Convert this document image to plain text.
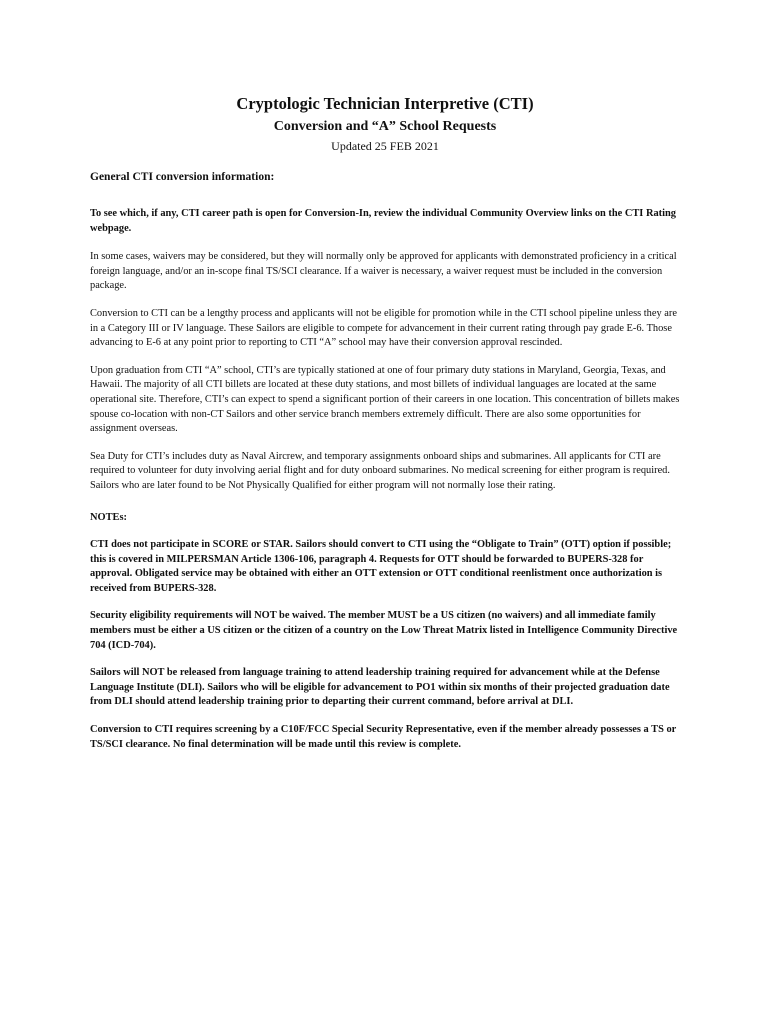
Cryptologic Technician Interpretive (CTI)

Conversion and “A” School Requests

Updated 25 FEB 2021

General CTI conversion information:

To see which, if any, CTI career path is open for Conversion-In, review the individual Community Overview links on the CTI Rating webpage.

In some cases, waivers may be considered, but they will normally only be approved for applicants with demonstrated proficiency in a critical foreign language, and/or an in-scope final TS/SCI clearance. If a waiver is necessary, a waiver request must be included in the conversion package.

Conversion to CTI can be a lengthy process and applicants will not be eligible for promotion while in the CTI school pipeline unless they are in a Category III or IV language. These Sailors are eligible to compete for advancement in their current rating through pay grade E-6. Those advancing to E-6 at any point prior to reporting to CTI “A” school may have their conversion approval rescinded.

Upon graduation from CTI “A” school, CTI’s are typically stationed at one of four primary duty stations in Maryland, Georgia, Texas, and Hawaii. The majority of all CTI billets are located at these duty stations, and most billets of individual languages are located at the same operational site. Therefore, CTI’s can expect to spend a significant portion of their careers in one location. This concentration of billets makes spouse co-location with non-CT Sailors and other service branch members extremely difficult. There are also some opportunities for assignment overseas.

Sea Duty for CTI’s includes duty as Naval Aircrew, and temporary assignments onboard ships and submarines. All applicants for CTI are required to volunteer for duty involving aerial flight and for duty onboard submarines. No medical screening for either program is required. Sailors who are later found to be Not Physically Qualified for either program will not normally lose their rating.

NOTEs:

CTI does not participate in SCORE or STAR. Sailors should convert to CTI using the “Obligate to Train” (OTT) option if possible; this is covered in MILPERSMAN Article 1306-106, paragraph 4. Requests for OTT should be forwarded to BUPERS-328 for approval. Obligated service may be obtained with either an OTT extension or OTT conditional reenlistment once authorization is received from BUPERS-328.

Security eligibility requirements will NOT be waived. The member MUST be a US citizen (no waivers) and all immediate family members must be either a US citizen or the citizen of a country on the Low Threat Matrix listed in Intelligence Community Directive 704 (ICD-704).

Sailors will NOT be released from language training to attend leadership training required for advancement while at the Defense Language Institute (DLI). Sailors who will be eligible for advancement to PO1 within six months of their projected graduation date from DLI should attend leadership training prior to departing their current command, before arrival at DLI.

Conversion to CTI requires screening by a C10F/FCC Special Security Representative, even if the member already possesses a TS or TS/SCI clearance. No final determination will be made until this review is complete.
